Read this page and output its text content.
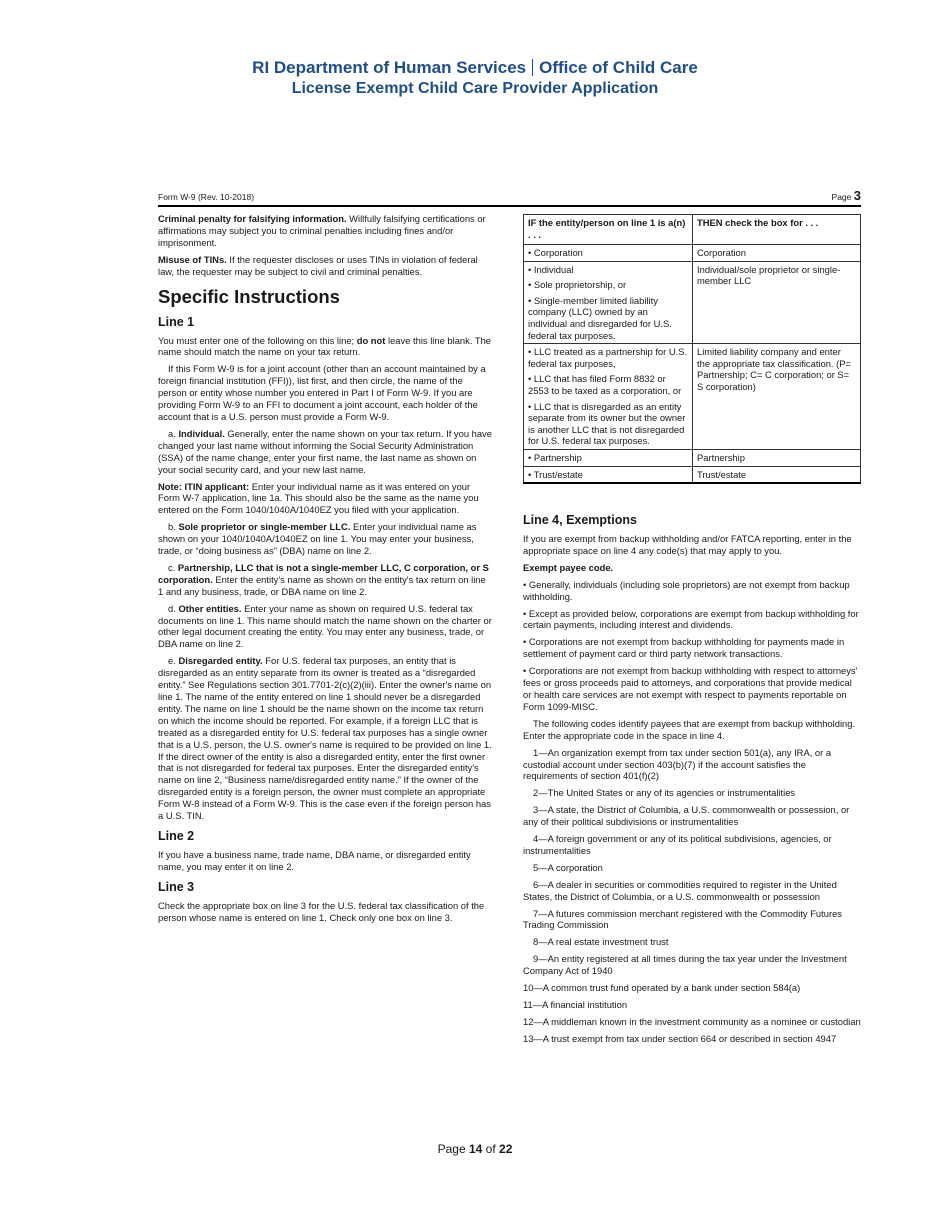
RI Department of Human Services Office of Child Care
License Exempt Child Care Provider Application
Form W-9 (Rev. 10-2018)	Page 3

Criminal penalty for falsifying information. Willfully falsifying certifications or affirmations may subject you to criminal penalties including fines and/or imprisonment.

Misuse of TINs. If the requester discloses or uses TINs in violation of federal law, the requester may be subject to civil and criminal penalties.

Specific Instructions
Line 1

You must enter one of the following on this line; do not leave this line blank. The name should match the name on your tax return.

If this Form W-9 is for a joint account (other than an account maintained by a foreign financial institution (FFI)), list first, and then circle, the name of the person or entity whose number you entered in Part I of Form W-9. If you are providing Form W-9 to an FFI to document a joint account, each holder of the account that is a U.S. person must provide a Form W-9.

a. Individual. Generally, enter the name shown on your tax return. If you have changed your last name without informing the Social Security Administration (SSA) of the name change, enter your first name, the last name as shown on your social security card, and your new last name.

Note: ITIN applicant: Enter your individual name as it was entered on your Form W-7 application, line 1a. This should also be the same as the name you entered on the Form 1040/1040A/1040EZ you filed with your application.

b. Sole proprietor or single-member LLC. Enter your individual name as shown on your 1040/1040A/1040EZ on line 1. You may enter your business, trade, or “doing business as” (DBA) name on line 2.

c. Partnership, LLC that is not a single-member LLC, C corporation, or S corporation. Enter the entity's name as shown on the entity's tax return on line 1 and any business, trade, or DBA name on line 2.

d. Other entities. Enter your name as shown on required U.S. federal tax documents on line 1. This name should match the name shown on the charter or other legal document creating the entity. You may enter any business, trade, or DBA name on line 2.

e. Disregarded entity. For U.S. federal tax purposes, an entity that is disregarded as an entity separate from its owner is treated as a “disregarded entity.” See Regulations section 301.7701-2(c)(2)(iii). Enter the owner's name on line 1. The name of the entity entered on line 1 should never be a disregarded entity. The name on line 1 should be the name shown on the income tax return on which the income should be reported. For example, if a foreign LLC that is treated as a disregarded entity for U.S. federal tax purposes has a single owner that is a U.S. person, the U.S. owner's name is required to be provided on line 1. If the direct owner of the entity is also a disregarded entity, enter the first owner that is not disregarded for federal tax purposes. Enter the disregarded entity's name on line 2, “Business name/disregarded entity name.” If the owner of the disregarded entity is a foreign person, the owner must complete an appropriate Form W-8 instead of a Form W-9. This is the case even if the foreign person has a U.S. TIN.

Line 2

If you have a business name, trade name, DBA name, or disregarded entity name, you may enter it on line 2.

Line 3

Check the appropriate box on line 3 for the U.S. federal tax classification of the person whose name is entered on line 1. Check only one box on line 3.

IF the entity/person on line 1 is a(n) . . .	THEN check the box for . . .

• Corporation	Corporation

• Individual
• Sole proprietorship, or
• Single-member limited liability company (LLC) owned by an individual and disregarded for U.S. federal tax purposes.	Individual/sole proprietor or single-member LLC

• LLC treated as a partnership for U.S. federal tax purposes,
• LLC that has filed Form 8832 or 2553 to be taxed as a corporation, or
• LLC that is disregarded as an entity separate from its owner but the owner is another LLC that is not disregarded for U.S. federal tax purposes.	Limited liability company and enter the appropriate tax classification. (P= Partnership; C= C corporation; or S= S corporation)

• Partnership	Partnership

• Trust/estate	Trust/estate
Line 4, Exemptions

If you are exempt from backup withholding and/or FATCA reporting, enter in the appropriate space on line 4 any code(s) that may apply to you.

Exempt payee code.

• Generally, individuals (including sole proprietors) are not exempt from backup withholding.

• Except as provided below, corporations are exempt from backup withholding for certain payments, including interest and dividends.

• Corporations are not exempt from backup withholding for payments made in settlement of payment card or third party network transactions.

• Corporations are not exempt from backup withholding with respect to attorneys' fees or gross proceeds paid to attorneys, and corporations that provide medical or health care services are not exempt with respect to payments reportable on Form 1099-MISC.

The following codes identify payees that are exempt from backup withholding. Enter the appropriate code in the space in line 4.

1—An organization exempt from tax under section 501(a), any IRA, or a custodial account under section 403(b)(7) if the account satisfies the requirements of section 401(f)(2)

2—The United States or any of its agencies or instrumentalities

3—A state, the District of Columbia, a U.S. commonwealth or possession, or any of their political subdivisions or instrumentalities

4—A foreign government or any of its political subdivisions, agencies, or instrumentalities

5—A corporation

6—A dealer in securities or commodities required to register in the United States, the District of Columbia, or a U.S. commonwealth or possession

7—A futures commission merchant registered with the Commodity Futures Trading Commission

8—A real estate investment trust

9—An entity registered at all times during the tax year under the Investment Company Act of 1940

10—A common trust fund operated by a bank under section 584(a)

11—A financial institution

12—A middleman known in the investment community as a nominee or custodian

13—A trust exempt from tax under section 664 or described in section 4947

Page 14 of 22
